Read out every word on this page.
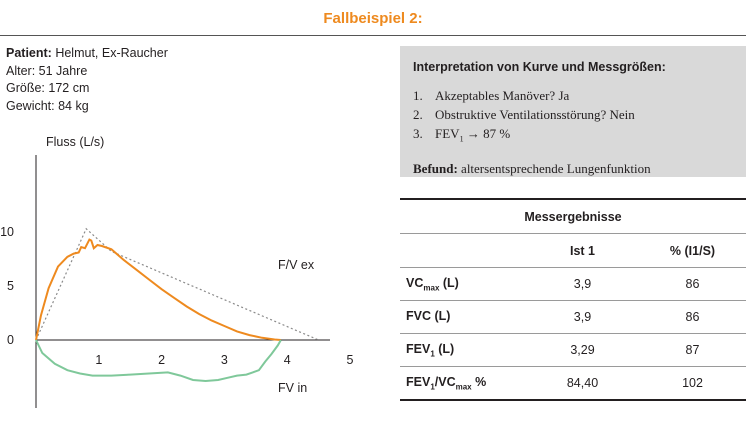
Fallbeispiel 2:
Patient: Helmut, Ex-Raucher
Alter: 51 Jahre
Größe: 172 cm
Gewicht: 84 kg
Fluss (L/s)
1	2	3	4	5
10
5
0
F/V ex
FV in
Interpretation von Kurve und Messgrößen:
1. Akzeptables Manöver? Ja
2. Obstruktive Ventilationsstörung? Nein
3. $FEV_1 \to 87$ %
Befund: altersentsprechende Lungenfunktion
Messergebnisse		
	Ist 1	% (I1/S)
$VC_{max}$ (L)	3,9	86
FVC (L)	3,9	86
$FEV_1$ (L)	3,29	87
$FEV_1/VC_{max}$ %	84,40	102
